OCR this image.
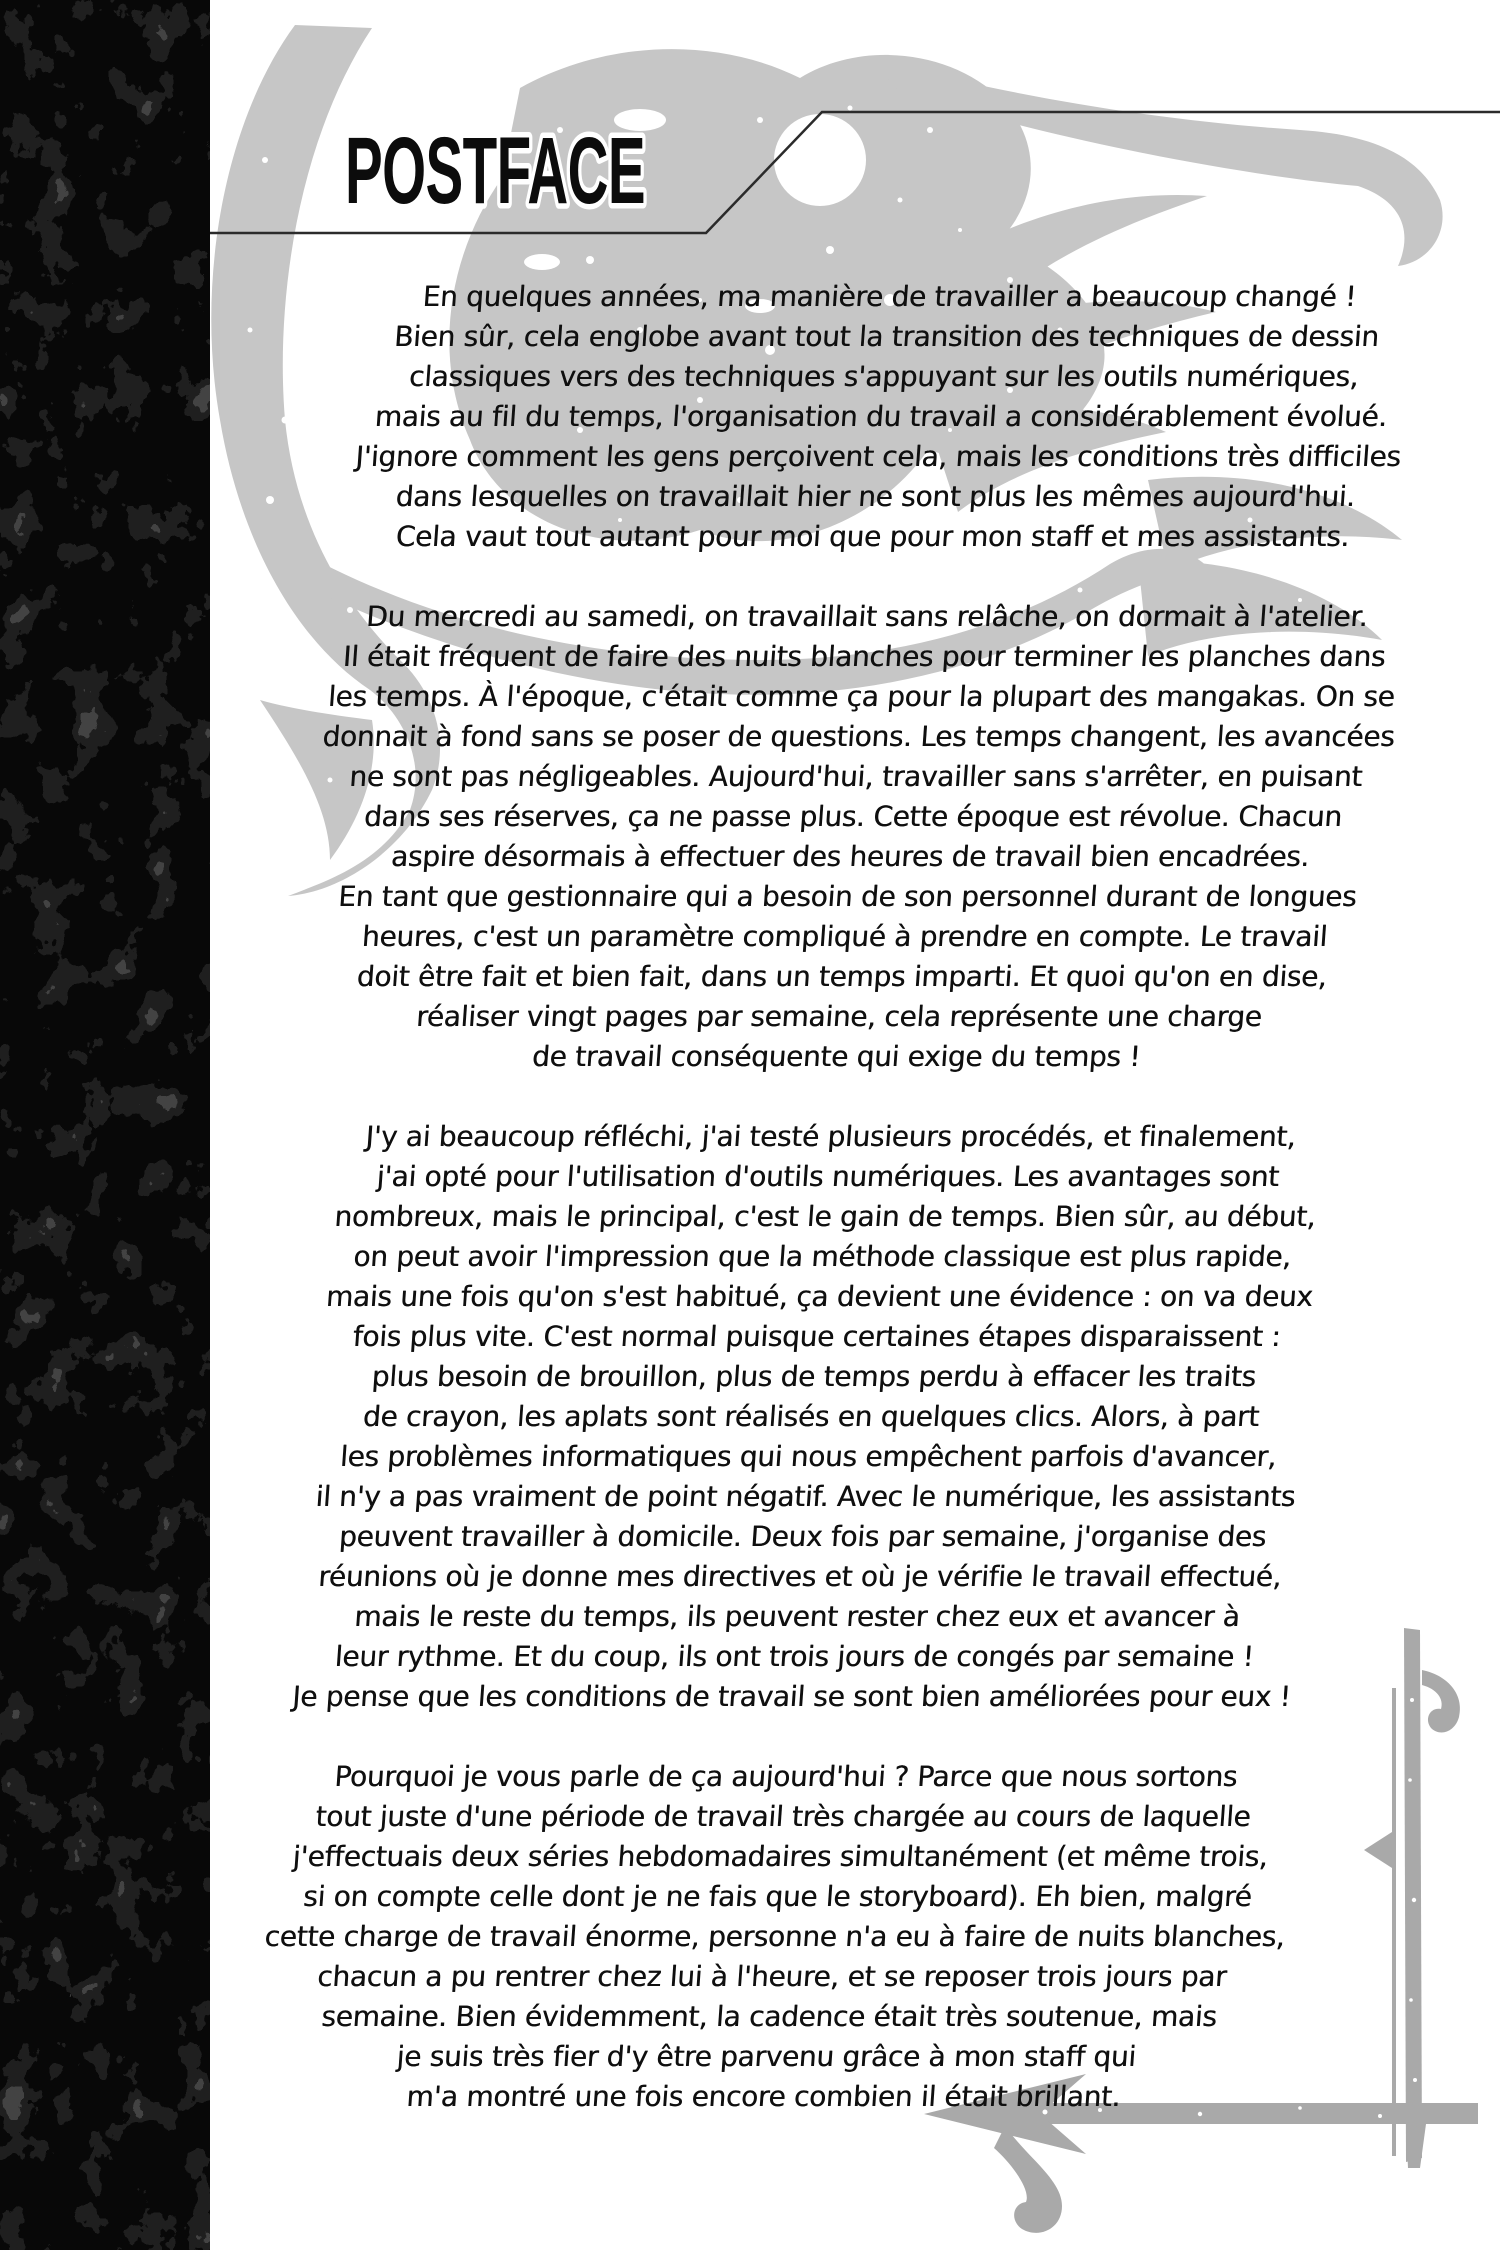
POSTFACE
En quelques années, ma manière de travailler a beaucoup changé !
Bien sûr, cela englobe avant tout la transition des techniques de dessin
classiques vers des techniques s'appuyant sur les outils numériques,
mais au fil du temps, l'organisation du travail a considérablement évolué.
J'ignore comment les gens perçoivent cela, mais les conditions très difficiles
dans lesquelles on travaillait hier ne sont plus les mêmes aujourd'hui.
Cela vaut tout autant pour moi que pour mon staff et mes assistants.
Du mercredi au samedi, on travaillait sans relâche, on dormait à l'atelier.
Il était fréquent de faire des nuits blanches pour terminer les planches dans
les temps. À l'époque, c'était comme ça pour la plupart des mangakas. On se
donnait à fond sans se poser de questions. Les temps changent, les avancées
ne sont pas négligeables. Aujourd'hui, travailler sans s'arrêter, en puisant
dans ses réserves, ça ne passe plus. Cette époque est révolue. Chacun
aspire désormais à effectuer des heures de travail bien encadrées.
En tant que gestionnaire qui a besoin de son personnel durant de longues
heures, c'est un paramètre compliqué à prendre en compte. Le travail
doit être fait et bien fait, dans un temps imparti. Et quoi qu'on en dise,
réaliser vingt pages par semaine, cela représente une charge
de travail conséquente qui exige du temps !
J'y ai beaucoup réfléchi, j'ai testé plusieurs procédés, et finalement,
j'ai opté pour l'utilisation d'outils numériques. Les avantages sont
nombreux, mais le principal, c'est le gain de temps. Bien sûr, au début,
on peut avoir l'impression que la méthode classique est plus rapide,
mais une fois qu'on s'est habitué, ça devient une évidence : on va deux
fois plus vite. C'est normal puisque certaines étapes disparaissent :
plus besoin de brouillon, plus de temps perdu à effacer les traits
de crayon, les aplats sont réalisés en quelques clics. Alors, à part
les problèmes informatiques qui nous empêchent parfois d'avancer,
il n'y a pas vraiment de point négatif. Avec le numérique, les assistants
peuvent travailler à domicile. Deux fois par semaine, j'organise des
réunions où je donne mes directives et où je vérifie le travail effectué,
mais le reste du temps, ils peuvent rester chez eux et avancer à
leur rythme. Et du coup, ils ont trois jours de congés par semaine !
Je pense que les conditions de travail se sont bien améliorées pour eux !
Pourquoi je vous parle de ça aujourd'hui ? Parce que nous sortons
tout juste d'une période de travail très chargée au cours de laquelle
j'effectuais deux séries hebdomadaires simultanément (et même trois,
si on compte celle dont je ne fais que le storyboard). Eh bien, malgré
cette charge de travail énorme, personne n'a eu à faire de nuits blanches,
chacun a pu rentrer chez lui à l'heure, et se reposer trois jours par
semaine. Bien évidemment, la cadence était très soutenue, mais
je suis très fier d'y être parvenu grâce à mon staff qui
m'a montré une fois encore combien il était brillant.
